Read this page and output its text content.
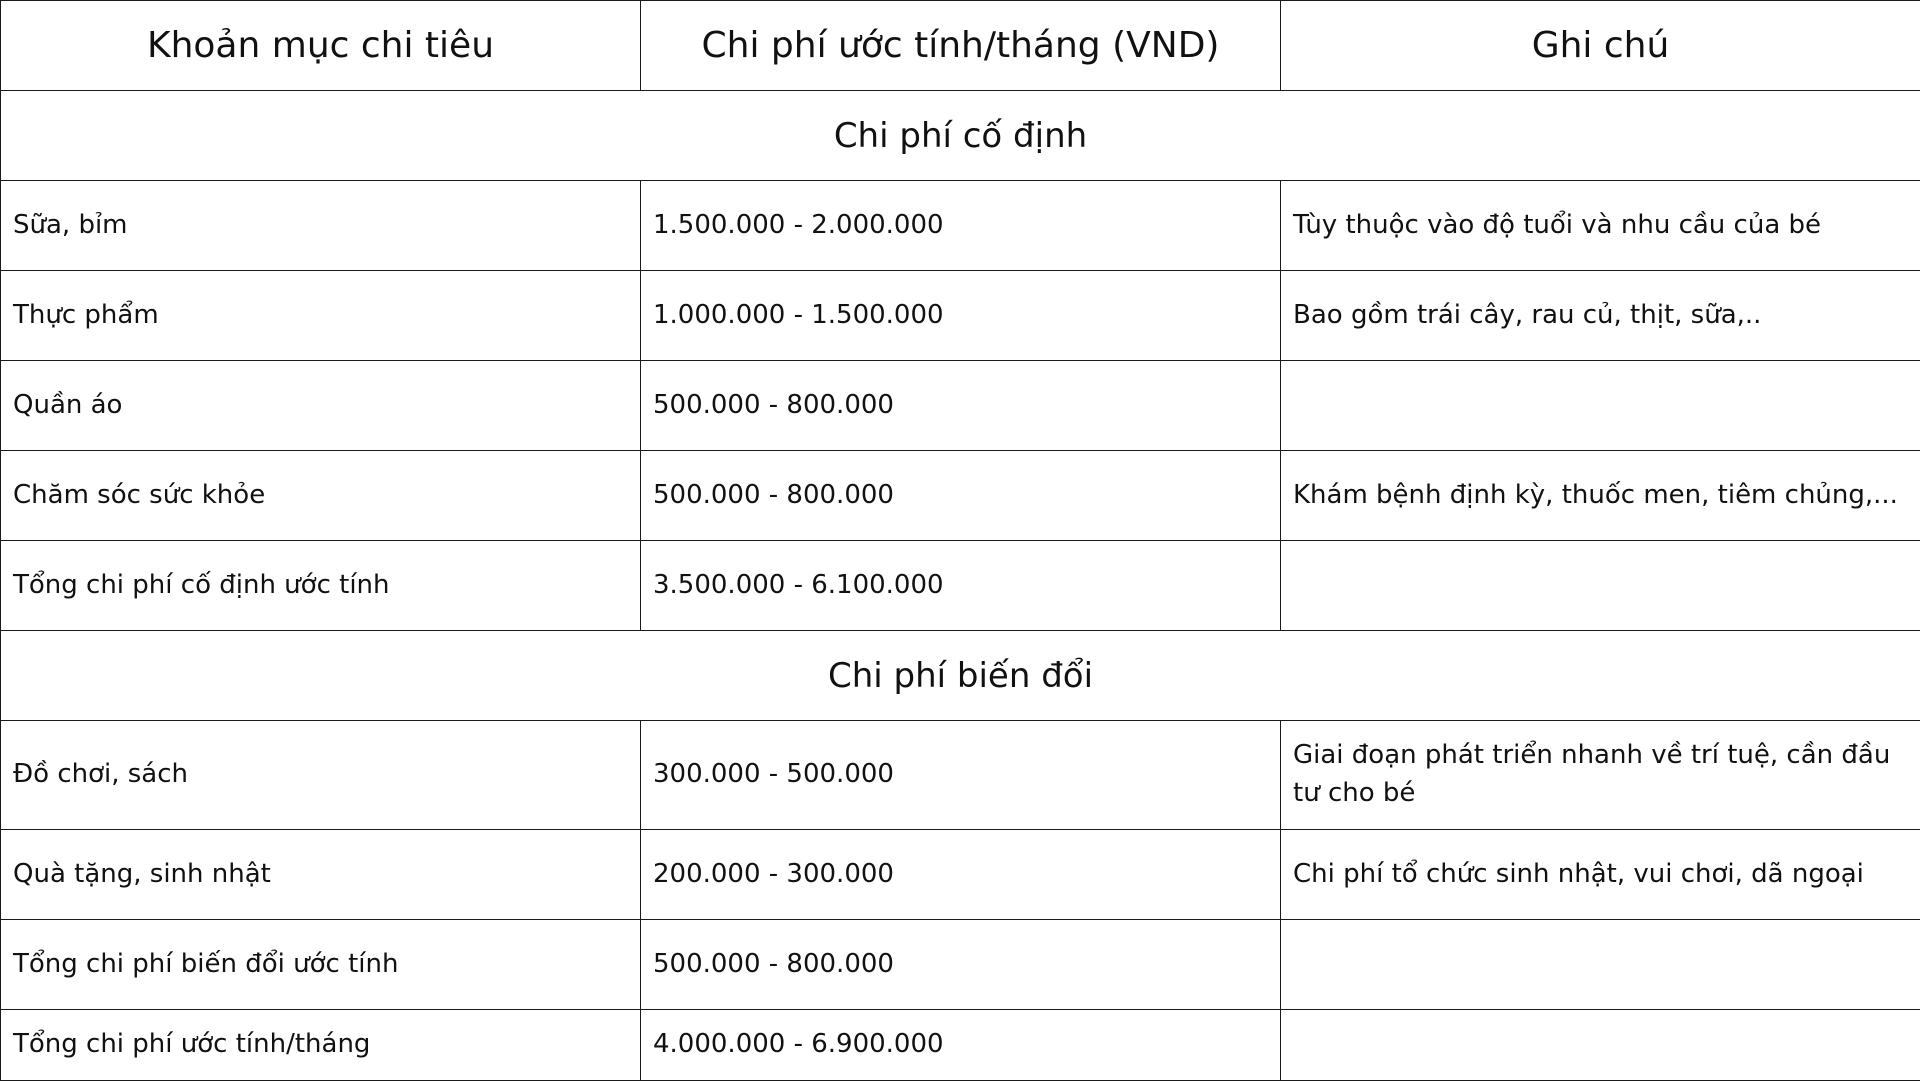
Khoản mục chi tiêu	Chi phí ước tính/tháng (VND)	Ghi chú
Chi phí cố định		
Sữa, bỉm	1.500.000 - 2.000.000	Tùy thuộc vào độ tuổi và nhu cầu của bé
Thực phẩm	1.000.000 - 1.500.000	Bao gồm trái cây, rau củ, thịt, sữa,..
Quần áo	500.000 - 800.000	
Chăm sóc sức khỏe	500.000 - 800.000	Khám bệnh định kỳ, thuốc men, tiêm chủng,...
Tổng chi phí cố định ước tính	3.500.000 - 6.100.000	
Chi phí biến đổi		
Đồ chơi, sách	300.000 - 500.000	Giai đoạn phát triển nhanh về trí tuệ, cần đầu tư cho bé
Quà tặng, sinh nhật	200.000 - 300.000	Chi phí tổ chức sinh nhật, vui chơi, dã ngoại
Tổng chi phí biến đổi ước tính	500.000 - 800.000	
Tổng chi phí ước tính/tháng	4.000.000 - 6.900.000	
